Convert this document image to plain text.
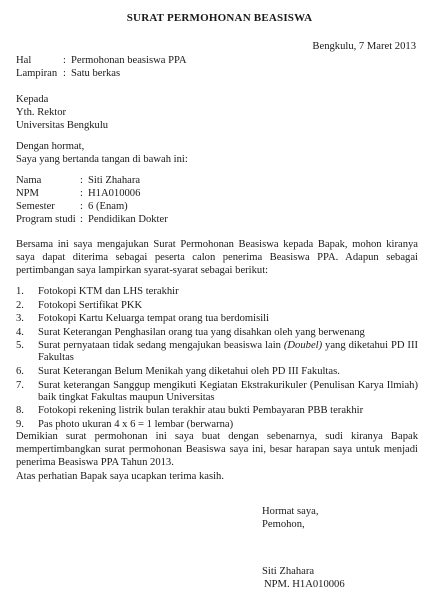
SURAT PERMOHONAN BEASISWA
Bengkulu, 7 Maret 2013
Hal	: Permohonan beasiswa PPA
Lampiran : Satu berkas
Kepada
Yth. Rektor
Universitas Bengkulu
Dengan hormat,
Saya yang bertanda tangan di bawah ini:
Nama	: Siti Zhahara
NPM	: H1A010006
Semester	: 6 (Enam)
Program studi : Pendidikan Dokter
Bersama ini saya mengajukan Surat Permohonan Beasiswa kepada Bapak, mohon kiranya saya dapat diterima sebagai peserta calon penerima Beasiswa PPA. Adapun sebagai pertimbangan saya lampirkan syarat-syarat sebagai berikut:
1.	Fotokopi KTM dan LHS terakhir
2.	Fotokopi Sertifikat PKK
3.	Fotokopi Kartu Keluarga tempat orang tua berdomisili
4.	Surat Keterangan Penghasilan orang tua yang disahkan oleh yang berwenang
5.	Surat pernyataan tidak sedang mengajukan beasiswa lain (Doubel) yang diketahui PD III Fakultas
6.	Surat Keterangan Belum Menikah yang diketahui oleh PD III Fakultas.
7.	Surat keterangan Sanggup mengikuti Kegiatan Ekstrakurikuler (Penulisan Karya Ilmiah) baik tingkat Fakultas maupun Universitas
8.	Fotokopi rekening listrik bulan terakhir atau bukti Pembayaran PBB terakhir
9.	Pas photo ukuran 4 x 6 = 1 lembar (berwarna)
Demikian surat permohonan ini saya buat dengan sebenarnya, sudi kiranya Bapak mempertimbangkan surat permohonan Beasiswa saya ini, besar harapan saya untuk menjadi penerima Beasiswa PPA Tahun 2013.
Atas perhatian Bapak saya ucapkan terima kasih.
Hormat saya,
Pemohon,
Siti Zhahara
NPM. H1A010006
